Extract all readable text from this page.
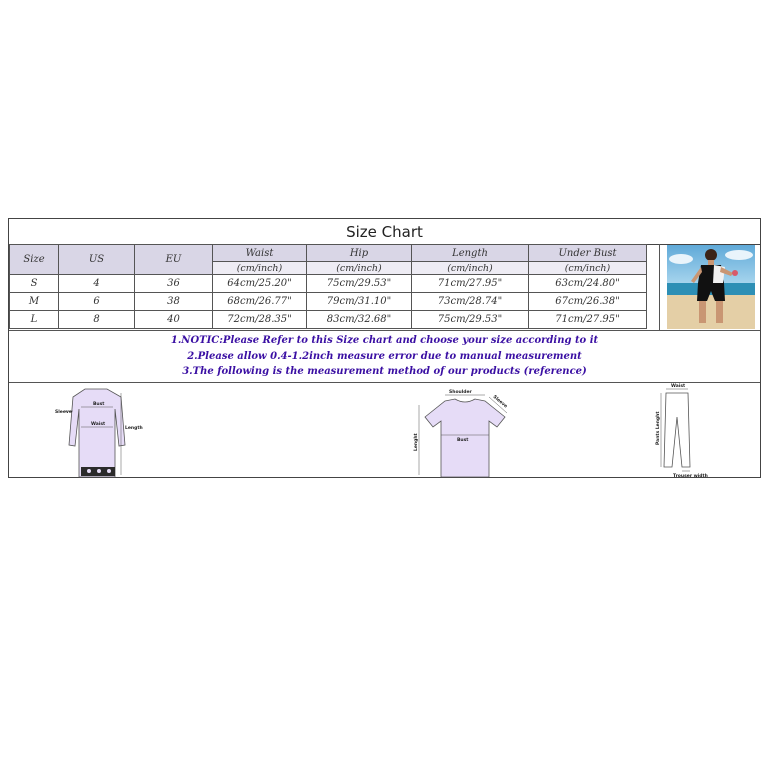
Size Chart
Size	US	EU	Waist	Hip	Length	Under Bust
			(cm/inch)	(cm/inch)	(cm/inch)	(cm/inch)
S	4	36	64cm/25.20"	75cm/29.53"	71cm/27.95"	63cm/24.80"
M	6	38	68cm/26.77"	79cm/31.10"	73cm/28.74"	67cm/26.38"
L	8	40	72cm/28.35"	83cm/32.68"	75cm/29.53"	71cm/27.95"
1.NOTIC:Please Refer to this Size chart and choose your size according to it
2.Please allow 0.4-1.2inch measure error due to manual measurement
3.The following is the measurement method of our products (reference)
Sleeve
Bust
Waist
Length
Shoulder
Sleeve
Lenght	Bust
Waist
Pants Lenght
Trouser width
